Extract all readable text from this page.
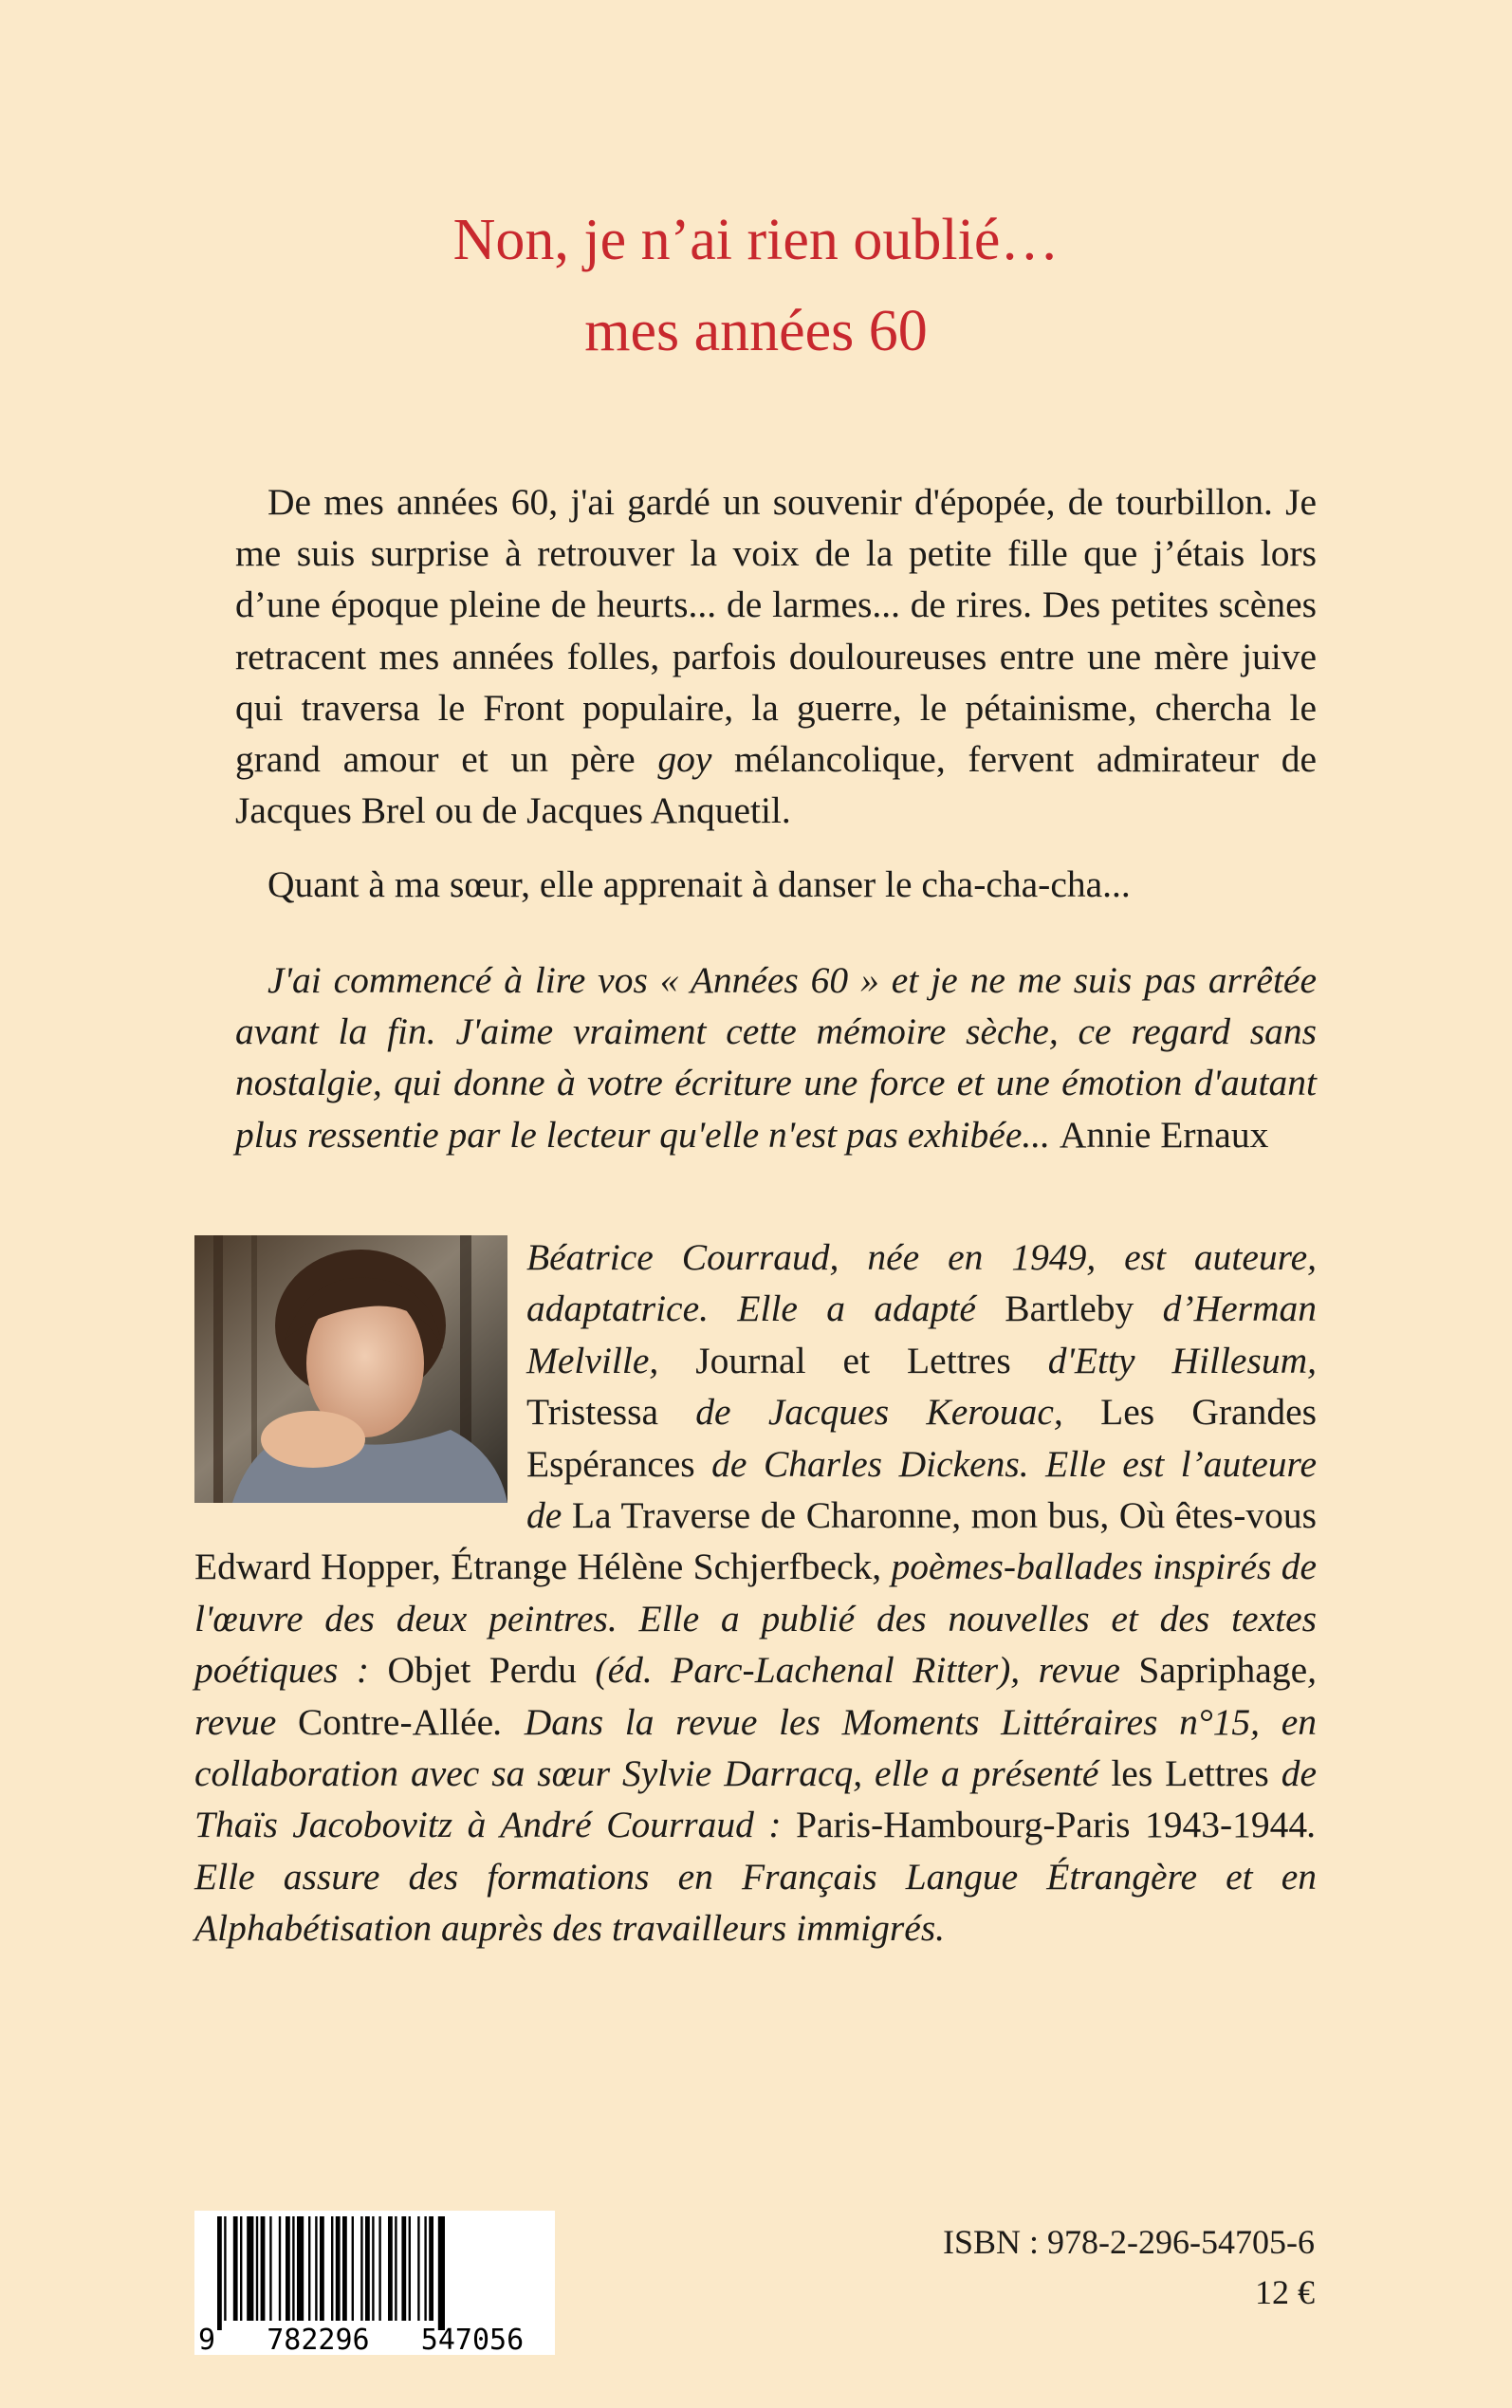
Non, je n’ai rien oublié…
mes années 60

De mes années 60, j'ai gardé un souvenir d'épopée, de tourbillon. Je me suis surprise à retrouver la voix de la petite fille que j’étais lors d’une époque pleine de heurts... de larmes... de rires. Des petites scènes retracent mes années folles, parfois douloureuses entre une mère juive qui traversa le Front populaire, la guerre, le pétainisme, chercha le grand amour et un père goy mélancolique, fervent admirateur de Jacques Brel ou de Jacques Anquetil.

Quant à ma sœur, elle apprenait à danser le cha-cha-cha...

J'ai commencé à lire vos « Années 60 » et je ne me suis pas arrêtée avant la fin. J'aime vraiment cette mémoire sèche, ce regard sans nostalgie, qui donne à votre écriture une force et une émotion d'autant plus ressentie par le lecteur qu'elle n'est pas exhibée... Annie Ernaux

Béatrice Courraud, née en 1949, est auteure, adaptatrice. Elle a adapté Bartleby d’Herman Melville, Journal et Lettres d'Etty Hillesum, Tristessa de Jacques Kerouac, Les Grandes Espérances de Charles Dickens. Elle est l’auteure de La Traverse de Charonne, mon bus, Où êtes-vous Edward Hopper, Étrange Hélène Schjerfbeck, poèmes-ballades inspirés de l'œuvre des deux peintres. Elle a publié des nouvelles et des textes poétiques : Objet Perdu (éd. Parc-Lachenal Ritter), revue Sapriphage, revue Contre-Allée. Dans la revue les Moments Littéraires n°15, en collaboration avec sa sœur Sylvie Darracq, elle a présenté les Lettres de Thaïs Jacobovitz à André Courraud : Paris-Hambourg-Paris 1943-1944. Elle assure des formations en Français Langue Étrangère et en Alphabétisation auprès des travailleurs immigrés.

9   782296   547056
ISBN : 978-2-296-54705-6
12 €
